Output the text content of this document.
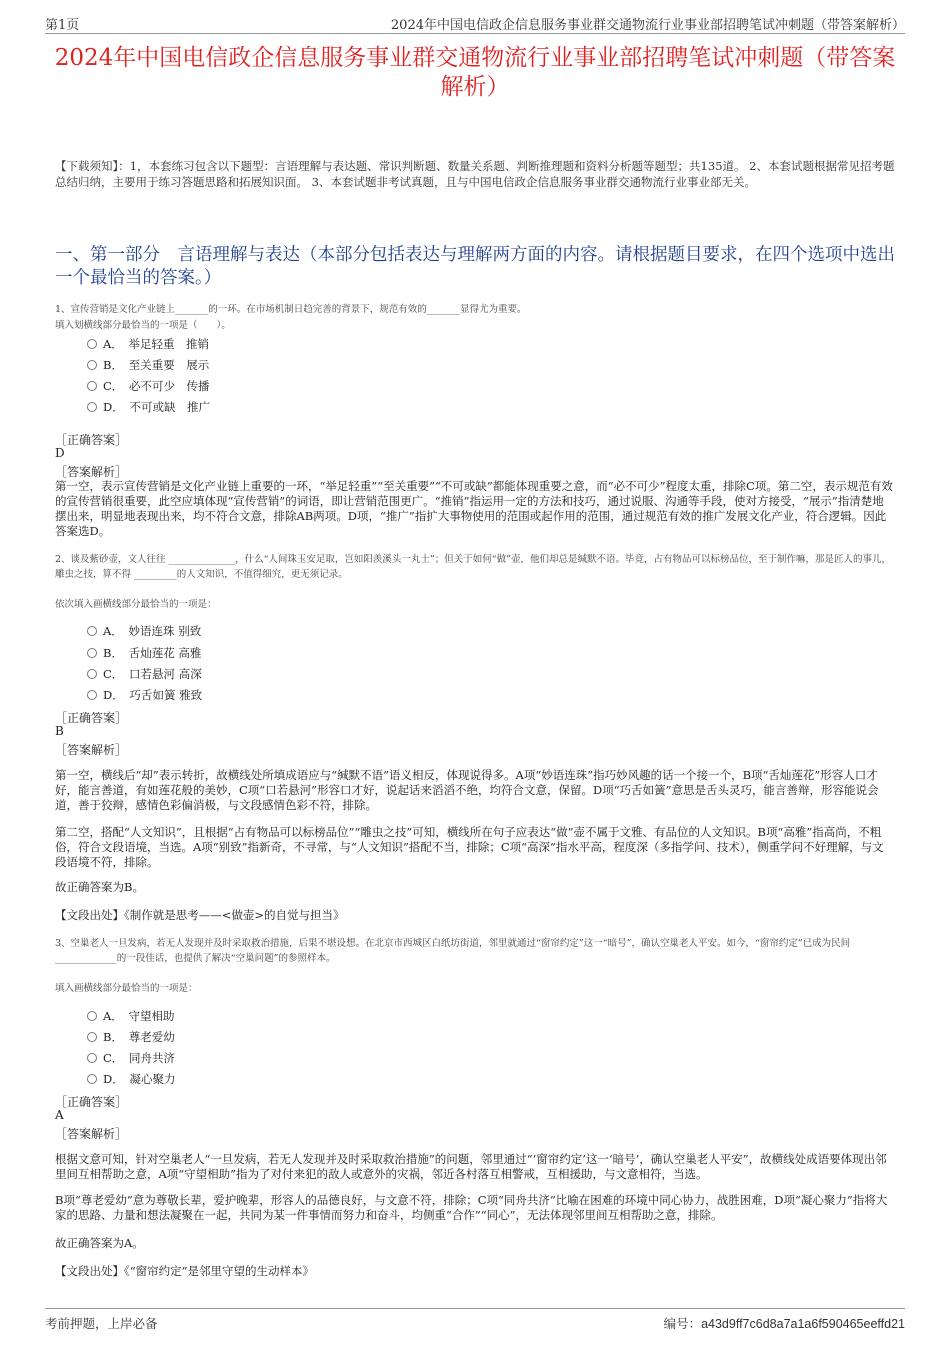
第1页	2024年中国电信政企信息服务事业群交通物流行业事业部招聘笔试冲刺题（带答案解析）
2024年中国电信政企信息服务事业群交通物流行业事业部招聘笔试冲刺题（带答案解析）
【下载须知】：1，本套练习包含以下题型：言语理解与表达题、常识判断题、数量关系题、判断推理题和资料分析题等题型；共135道。 2、本套试题根据常见招考题总结归纳，主要用于练习答题思路和拓展知识面。 3、本套试题非考试真题，且与中国电信政企信息服务事业群交通物流行业事业部无关。
一、第一部分　言语理解与表达（本部分包括表达与理解两方面的内容。请根据题目要求，在四个选项中选出一个最恰当的答案。）
1、宣传营销是文化产业链上_______的一环。在市场机制日趋完善的背景下，规范有效的_______显得尤为重要。
填入划横线部分最恰当的一项是（　　）。
A．　举足轻重　推销
B．　至关重要　展示
C．　必不可少　传播
D．　不可或缺　推广
［正确答案］
D
［答案解析］
第一空，表示宣传营销是文化产业链上重要的一环，“举足轻重”“至关重要”“不可或缺”都能体现重要之意，而“必不可少”程度太重，排除C项。第二空，表示规范有效的宣传营销很重要，此空应填体现“宣传营销”的词语，即让营销范围更广。“推销”指运用一定的方法和技巧，通过说服、沟通等手段，使对方接受，“展示”指清楚地摆出来，明显地表现出来，均不符合文意，排除AB两项。D项，“推广”指扩大事物使用的范围或起作用的范围，通过规范有效的推广发展文化产业，符合逻辑。因此答案选D。
2、谈及紫砂壶，文人往往 ______________，什么“人间珠玉安足取，岂如阳羡溪头一丸土”；但关于如何“做”壶，他们却总是缄默不语。毕竟，占有物品可以标榜品位，至于制作嘛，那是匠人的事儿，雕虫之技，算不得 _________的人文知识，不值得细究，更无须记录。
依次填入画横线部分最恰当的一项是：
A．　妙语连珠 别致
B．　舌灿莲花 高雅
C．　口若悬河 高深
D．　巧舌如簧 雅致
［正确答案］
B
［答案解析］
第一空，横线后“却”表示转折，故横线处所填成语应与“缄默不语”语义相反，体现说得多。A项“妙语连珠”指巧妙风趣的话一个接一个，B项“舌灿莲花”形容人口才好，能言善道，有如莲花般的美妙，C项“口若悬河”形容口才好，说起话来滔滔不绝，均符合文意，保留。D项“巧舌如簧”意思是舌头灵巧，能言善辩，形容能说会道，善于狡辩，感情色彩偏消极，与文段感情色彩不符，排除。
第二空，搭配“人文知识”，且根据“占有物品可以标榜品位”“雕虫之技”可知，横线所在句子应表达“做”壶不属于文雅、有品位的人文知识。B项“高雅”指高尚，不粗俗，符合文段语境，当选。A项“别致”指新奇，不寻常，与“人文知识”搭配不当，排除；C项“高深”指水平高，程度深（多指学问、技术），侧重学问不好理解，与文段语境不符，排除。
故正确答案为B。
【文段出处】《制作就是思考——<做壶>的自觉与担当》
3、空巢老人一旦发病，若无人发现并及时采取救治措施，后果不堪设想。在北京市西城区白纸坊街道，邻里就通过“窗帘约定”这一“暗号”，确认空巢老人平安。如今，“窗帘约定”已成为民间 _____________的一段佳话，也提供了解决“空巢问题”的参照样本。
填入画横线部分最恰当的一项是：
A．　守望相助
B．　尊老爱幼
C．　同舟共济
D．　凝心聚力
［正确答案］
A
［答案解析］
根据文意可知，针对空巢老人“一旦发病，若无人发现并及时采取救治措施”的问题，邻里通过“‘窗帘约定’这一‘暗号’，确认空巢老人平安”，故横线处成语要体现出邻里间互相帮助之意，A项“守望相助”指为了对付来犯的敌人或意外的灾祸，邻近各村落互相警戒，互相援助，与文意相符，当选。
B项“尊老爱幼”意为尊敬长辈，爱护晚辈，形容人的品德良好，与文意不符，排除；C项“同舟共济”比喻在困难的环境中同心协力，战胜困难，D项“凝心聚力”指将大家的思路、力量和想法凝聚在一起，共同为某一件事情而努力和奋斗，均侧重“合作”“同心”，无法体现邻里间互相帮助之意，排除。
故正确答案为A。
【文段出处】《“窗帘约定”是邻里守望的生动样本》
考前押题，上岸必备	编号：a43d9ff7c6d8a7a1a6f590465eeffd21
